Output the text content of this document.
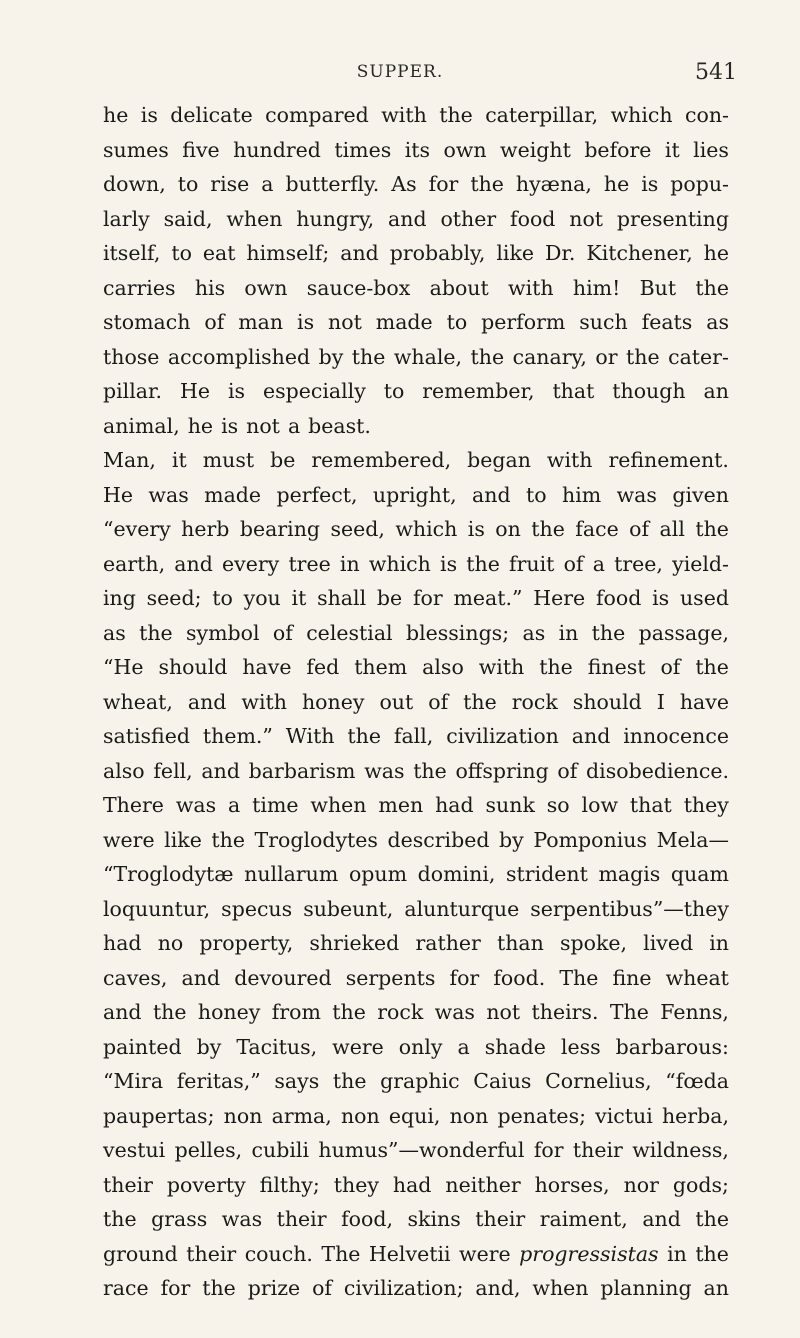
SUPPER.	541
he is delicate compared with the caterpillar, which con-
sumes five hundred times its own weight before it lies
down, to rise a butterfly. As for the hyæna, he is popu-
larly said, when hungry, and other food not presenting
itself, to eat himself; and probably, like Dr. Kitchener, he
carries his own sauce-box about with him! But the
stomach of man is not made to perform such feats as
those accomplished by the whale, the canary, or the cater-
pillar. He is especially to remember, that though an
animal, he is not a beast.
Man, it must be remembered, began with refinement.
He was made perfect, upright, and to him was given
“every herb bearing seed, which is on the face of all the
earth, and every tree in which is the fruit of a tree, yield-
ing seed; to you it shall be for meat.” Here food is used
as the symbol of celestial blessings; as in the passage,
“He should have fed them also with the finest of the
wheat, and with honey out of the rock should I have
satisfied them.” With the fall, civilization and innocence
also fell, and barbarism was the offspring of disobedience.
There was a time when men had sunk so low that they
were like the Troglodytes described by Pomponius Mela—
“Troglodytæ nullarum opum domini, strident magis quam
loquuntur, specus subeunt, alunturque serpentibus”—they
had no property, shrieked rather than spoke, lived in
caves, and devoured serpents for food. The fine wheat
and the honey from the rock was not theirs. The Fenns,
painted by Tacitus, were only a shade less barbarous:
“Mira feritas,” says the graphic Caius Cornelius, “fœda
paupertas; non arma, non equi, non penates; victui herba,
vestui pelles, cubili humus”—wonderful for their wildness,
their poverty filthy; they had neither horses, nor gods;
the grass was their food, skins their raiment, and the
ground their couch. The Helvetii were progressistas in the
race for the prize of civilization; and, when planning an
